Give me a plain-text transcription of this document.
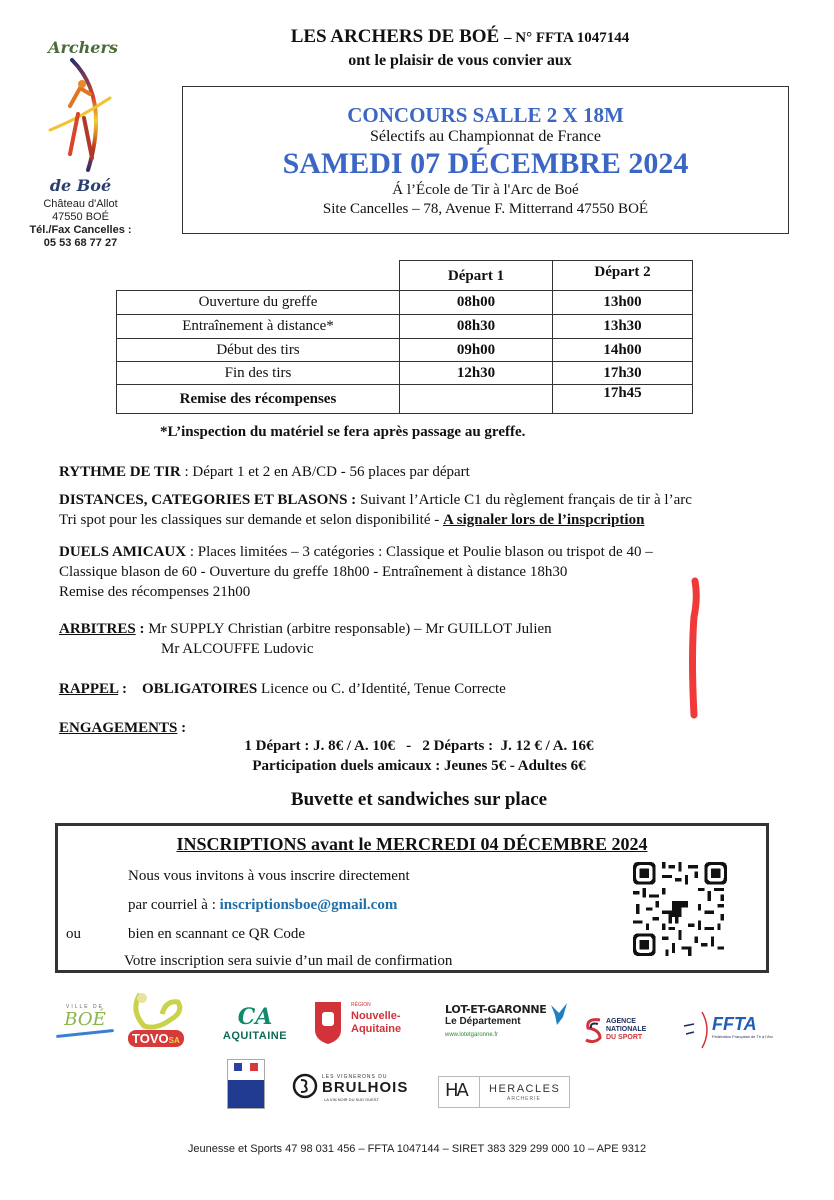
Archers
de Boé
Château d'Allot
47550 BOÉ
Tél./Fax Cancelles :
05 53 68 77 27
LES ARCHERS DE BOÉ – N° FFTA 1047144
ont le plaisir de vous convier aux
CONCOURS SALLE 2 X 18M
Sélectifs au Championnat de France
SAMEDI 07 DÉCEMBRE 2024
Á l’École de Tir à l'Arc de Boé
Site Cancelles – 78, Avenue F. Mitterrand 47550 BOÉ
	Départ 1	Départ 2
Ouverture du greffe	08h00	13h00
Entraînement à distance*	08h30	13h30
Début des tirs	09h00	14h00
Fin des tirs	12h30	17h30
Remise des récompenses		17h45
*L’inspection du matériel se fera après passage au greffe.
RYTHME DE TIR : Départ 1 et 2 en AB/CD - 56 places par départ
DISTANCES, CATEGORIES ET BLASONS : Suivant l’Article C1 du règlement français de tir à l’arc
Tri spot pour les classiques sur demande et selon disponibilité - A signaler lors de l’inspcription
DUELS AMICAUX : Places limitées – 3 catégories : Classique et Poulie blason ou trispot de 40 –
Classique blason de 60 - Ouverture du greffe 18h00 - Entraînement à distance 18h30
Remise des récompenses 21h00
ARBITRES : Mr SUPPLY Christian (arbitre responsable) – Mr GUILLOT Julien
Mr ALCOUFFE Ludovic
RAPPEL :    OBLIGATOIRES Licence ou C. d’Identité, Tenue Correcte
ENGAGEMENTS :
1 Départ : J. 8€ / A. 10€   -   2 Départs :  J. 12 € / A. 16€
Participation duels amicaux : Jeunes 5€ - Adultes 6€
Buvette et sandwiches sur place
INSCRIPTIONS avant le MERCREDI 04 DÉCEMBRE 2024
Nous vous invitons à vous inscrire directement
par courriel à : inscriptionsboe@gmail.com
ou	bien en scannant ce QR Code
Votre inscription sera suivie d’un mail de confirmation
VILLE DE
BOÉ
TOVOSA
CA
AQUITAINE
RÉGION
Nouvelle-Aquitaine
LOT-ET-GARONNE
Le Département
www.lotetgaronne.fr
AGENCE NATIONALE
DU SPORT
FFTA
Fédération Française de Tir à l'Arc
LES VIGNERONS DU
BRULHOIS
LA VIN NOIR DU SUD OUEST	HA HERACLES
ARCHERIE
Jeunesse et Sports 47 98 031 456 – FFTA 1047144 – SIRET 383 329 299 000 10 – APE 9312
